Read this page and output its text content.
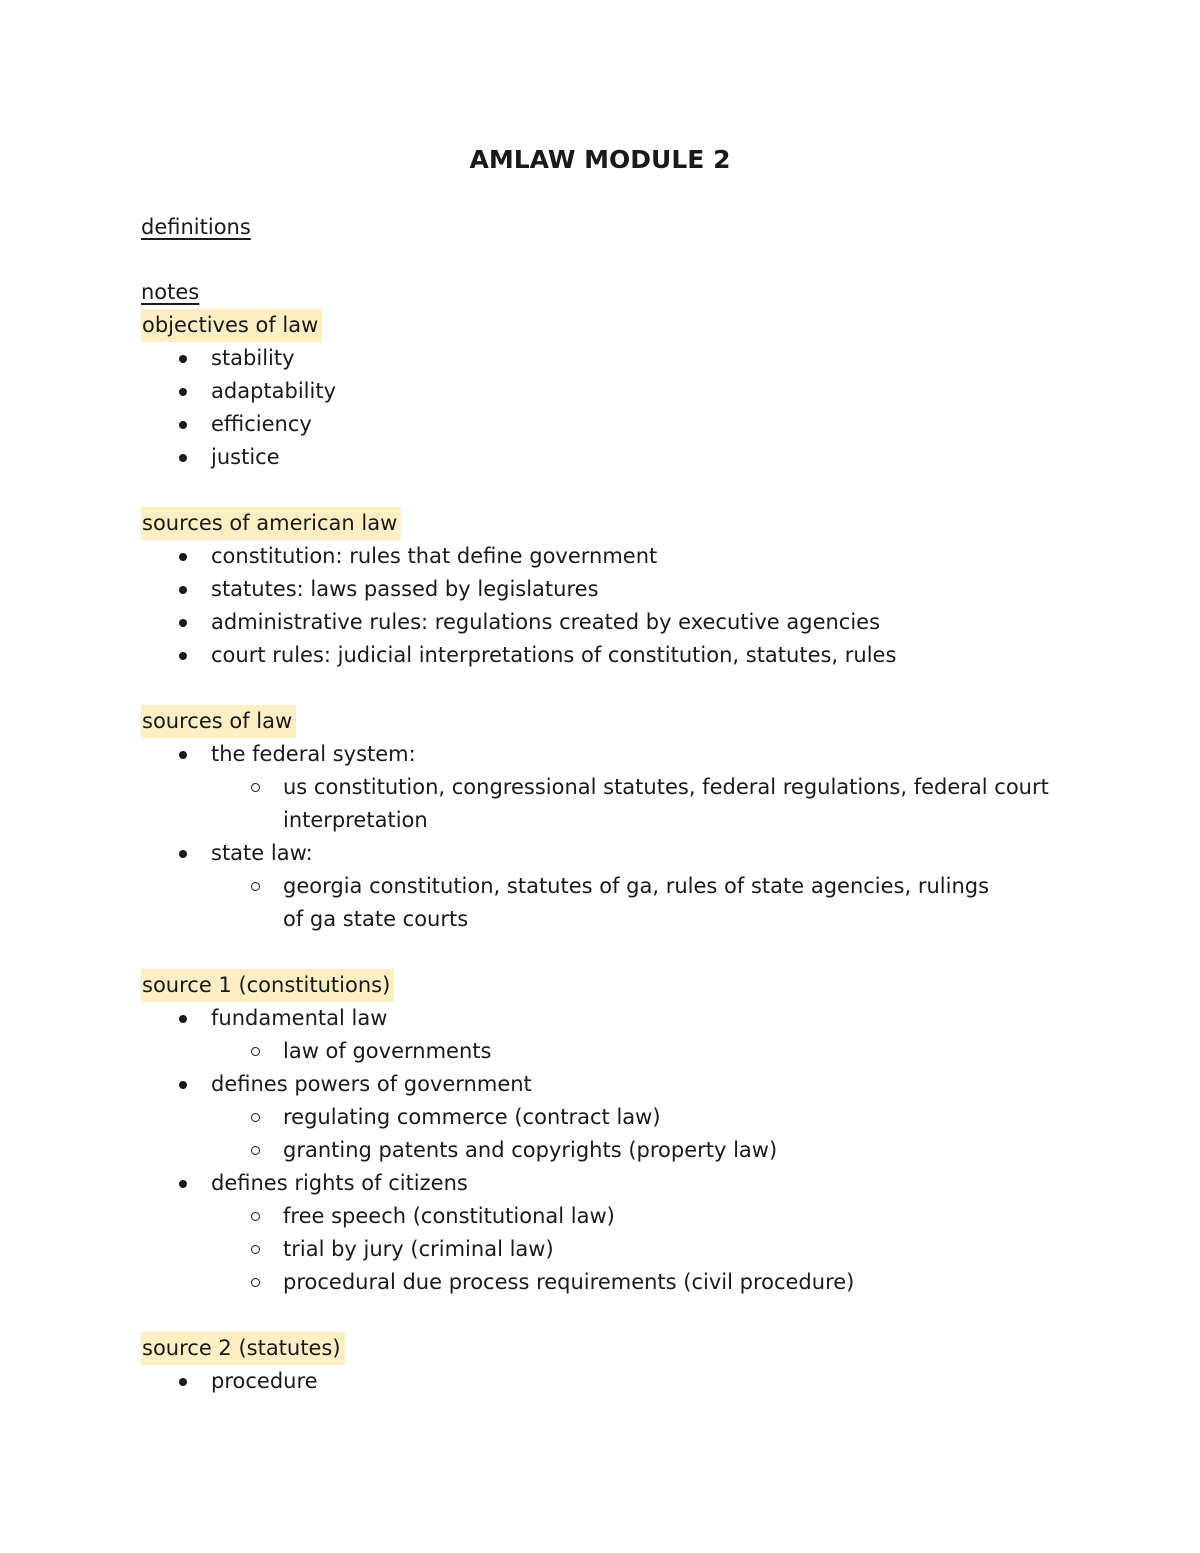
AMLAW MODULE 2
definitions
notes
objectives of law
stability
adaptability
efficiency
justice
sources of american law
constitution: rules that define government
statutes: laws passed by legislatures
administrative rules: regulations created by executive agencies
court rules: judicial interpretations of constitution, statutes, rules
sources of law
the federal system:
us constitution, congressional statutes, federal regulations, federal court interpretation
state law:
georgia constitution, statutes of ga, rules of state agencies, rulings of ga state courts
source 1 (constitutions)
fundamental law
law of governments
defines powers of government
regulating commerce (contract law)
granting patents and copyrights (property law)
defines rights of citizens
free speech (constitutional law)
trial by jury (criminal law)
procedural due process requirements (civil procedure)
source 2 (statutes)
procedure
